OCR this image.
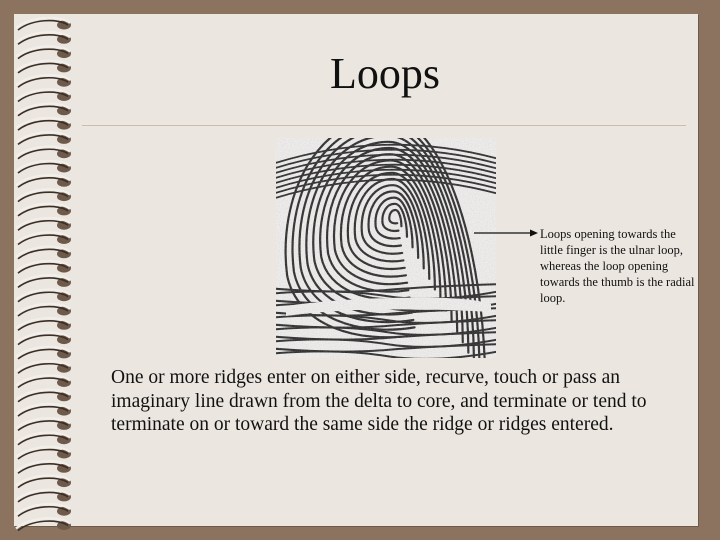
Loops
Loops opening towards the little finger is the ulnar loop, whereas the loop opening towards the thumb is the radial loop.
One or more ridges enter on either side, recurve, touch or pass an imaginary line drawn from the delta to core, and terminate or tend to terminate on or toward the same side the ridge or ridges entered.
